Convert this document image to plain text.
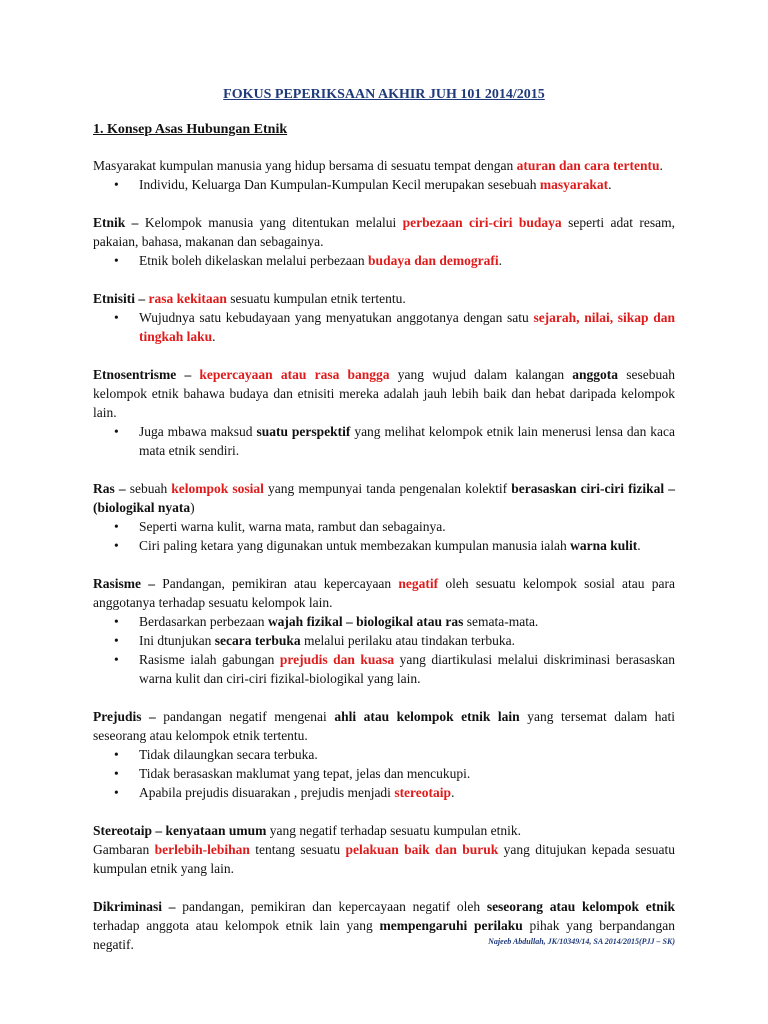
FOKUS PEPERIKSAAN AKHIR JUH 101 2014/2015
1. Konsep Asas Hubungan Etnik

Masyarakat kumpulan manusia yang hidup bersama di sesuatu tempat dengan aturan dan cara tertentu.

• Individu, Keluarga Dan Kumpulan-Kumpulan Kecil merupakan sesebuah masyarakat.

Etnik – Kelompok manusia yang ditentukan melalui perbezaan ciri-ciri budaya seperti adat resam, pakaian, bahasa, makanan dan sebagainya.

• Etnik boleh dikelaskan melalui perbezaan budaya dan demografi.

Etnisiti – rasa kekitaan sesuatu kumpulan etnik tertentu.

• Wujudnya satu kebudayaan yang menyatukan anggotanya dengan satu sejarah, nilai, sikap dan tingkah laku.

Etnosentrisme – kepercayaan atau rasa bangga yang wujud dalam kalangan anggota sesebuah kelompok etnik bahawa budaya dan etnisiti mereka adalah jauh lebih baik dan hebat daripada kelompok lain.

• Juga mbawa maksud suatu perspektif yang melihat kelompok etnik lain menerusi lensa dan kaca mata etnik sendiri.

Ras – sebuah kelompok sosial yang mempunyai tanda pengenalan kolektif berasaskan ciri-ciri fizikal – (biologikal nyata)

• Seperti warna kulit, warna mata, rambut dan sebagainya.
• Ciri paling ketara yang digunakan untuk membezakan kumpulan manusia ialah warna kulit.

Rasisme – Pandangan, pemikiran atau kepercayaan negatif oleh sesuatu kelompok sosial atau para anggotanya terhadap sesuatu kelompok lain.

• Berdasarkan perbezaan wajah fizikal – biologikal atau ras semata-mata.
• Ini dtunjukan secara terbuka melalui perilaku atau tindakan terbuka.
• Rasisme ialah gabungan prejudis dan kuasa yang diartikulasi melalui diskriminasi berasaskan warna kulit dan ciri-ciri fizikal-biologikal yang lain.

Prejudis – pandangan negatif mengenai ahli atau kelompok etnik lain yang tersemat dalam hati seseorang atau kelompok etnik tertentu.

• Tidak dilaungkan secara terbuka.
• Tidak berasaskan maklumat yang tepat, jelas dan mencukupi.
• Apabila prejudis disuarakan , prejudis menjadi stereotaip.

Stereotaip – kenyataan umum yang negatif terhadap sesuatu kumpulan etnik.

Gambaran berlebih-lebihan tentang sesuatu pelakuan baik dan buruk yang ditujukan kepada sesuatu kumpulan etnik yang lain.

Dikriminasi – pandangan, pemikiran dan kepercayaan negatif oleh seseorang atau kelompok etnik terhadap anggota atau kelompok etnik lain yang mempengaruhi perilaku pihak yang berpandangan negatif.	Najeeb Abdullah, JK/10349/14, SA 2014/2015(PJJ – SK)
